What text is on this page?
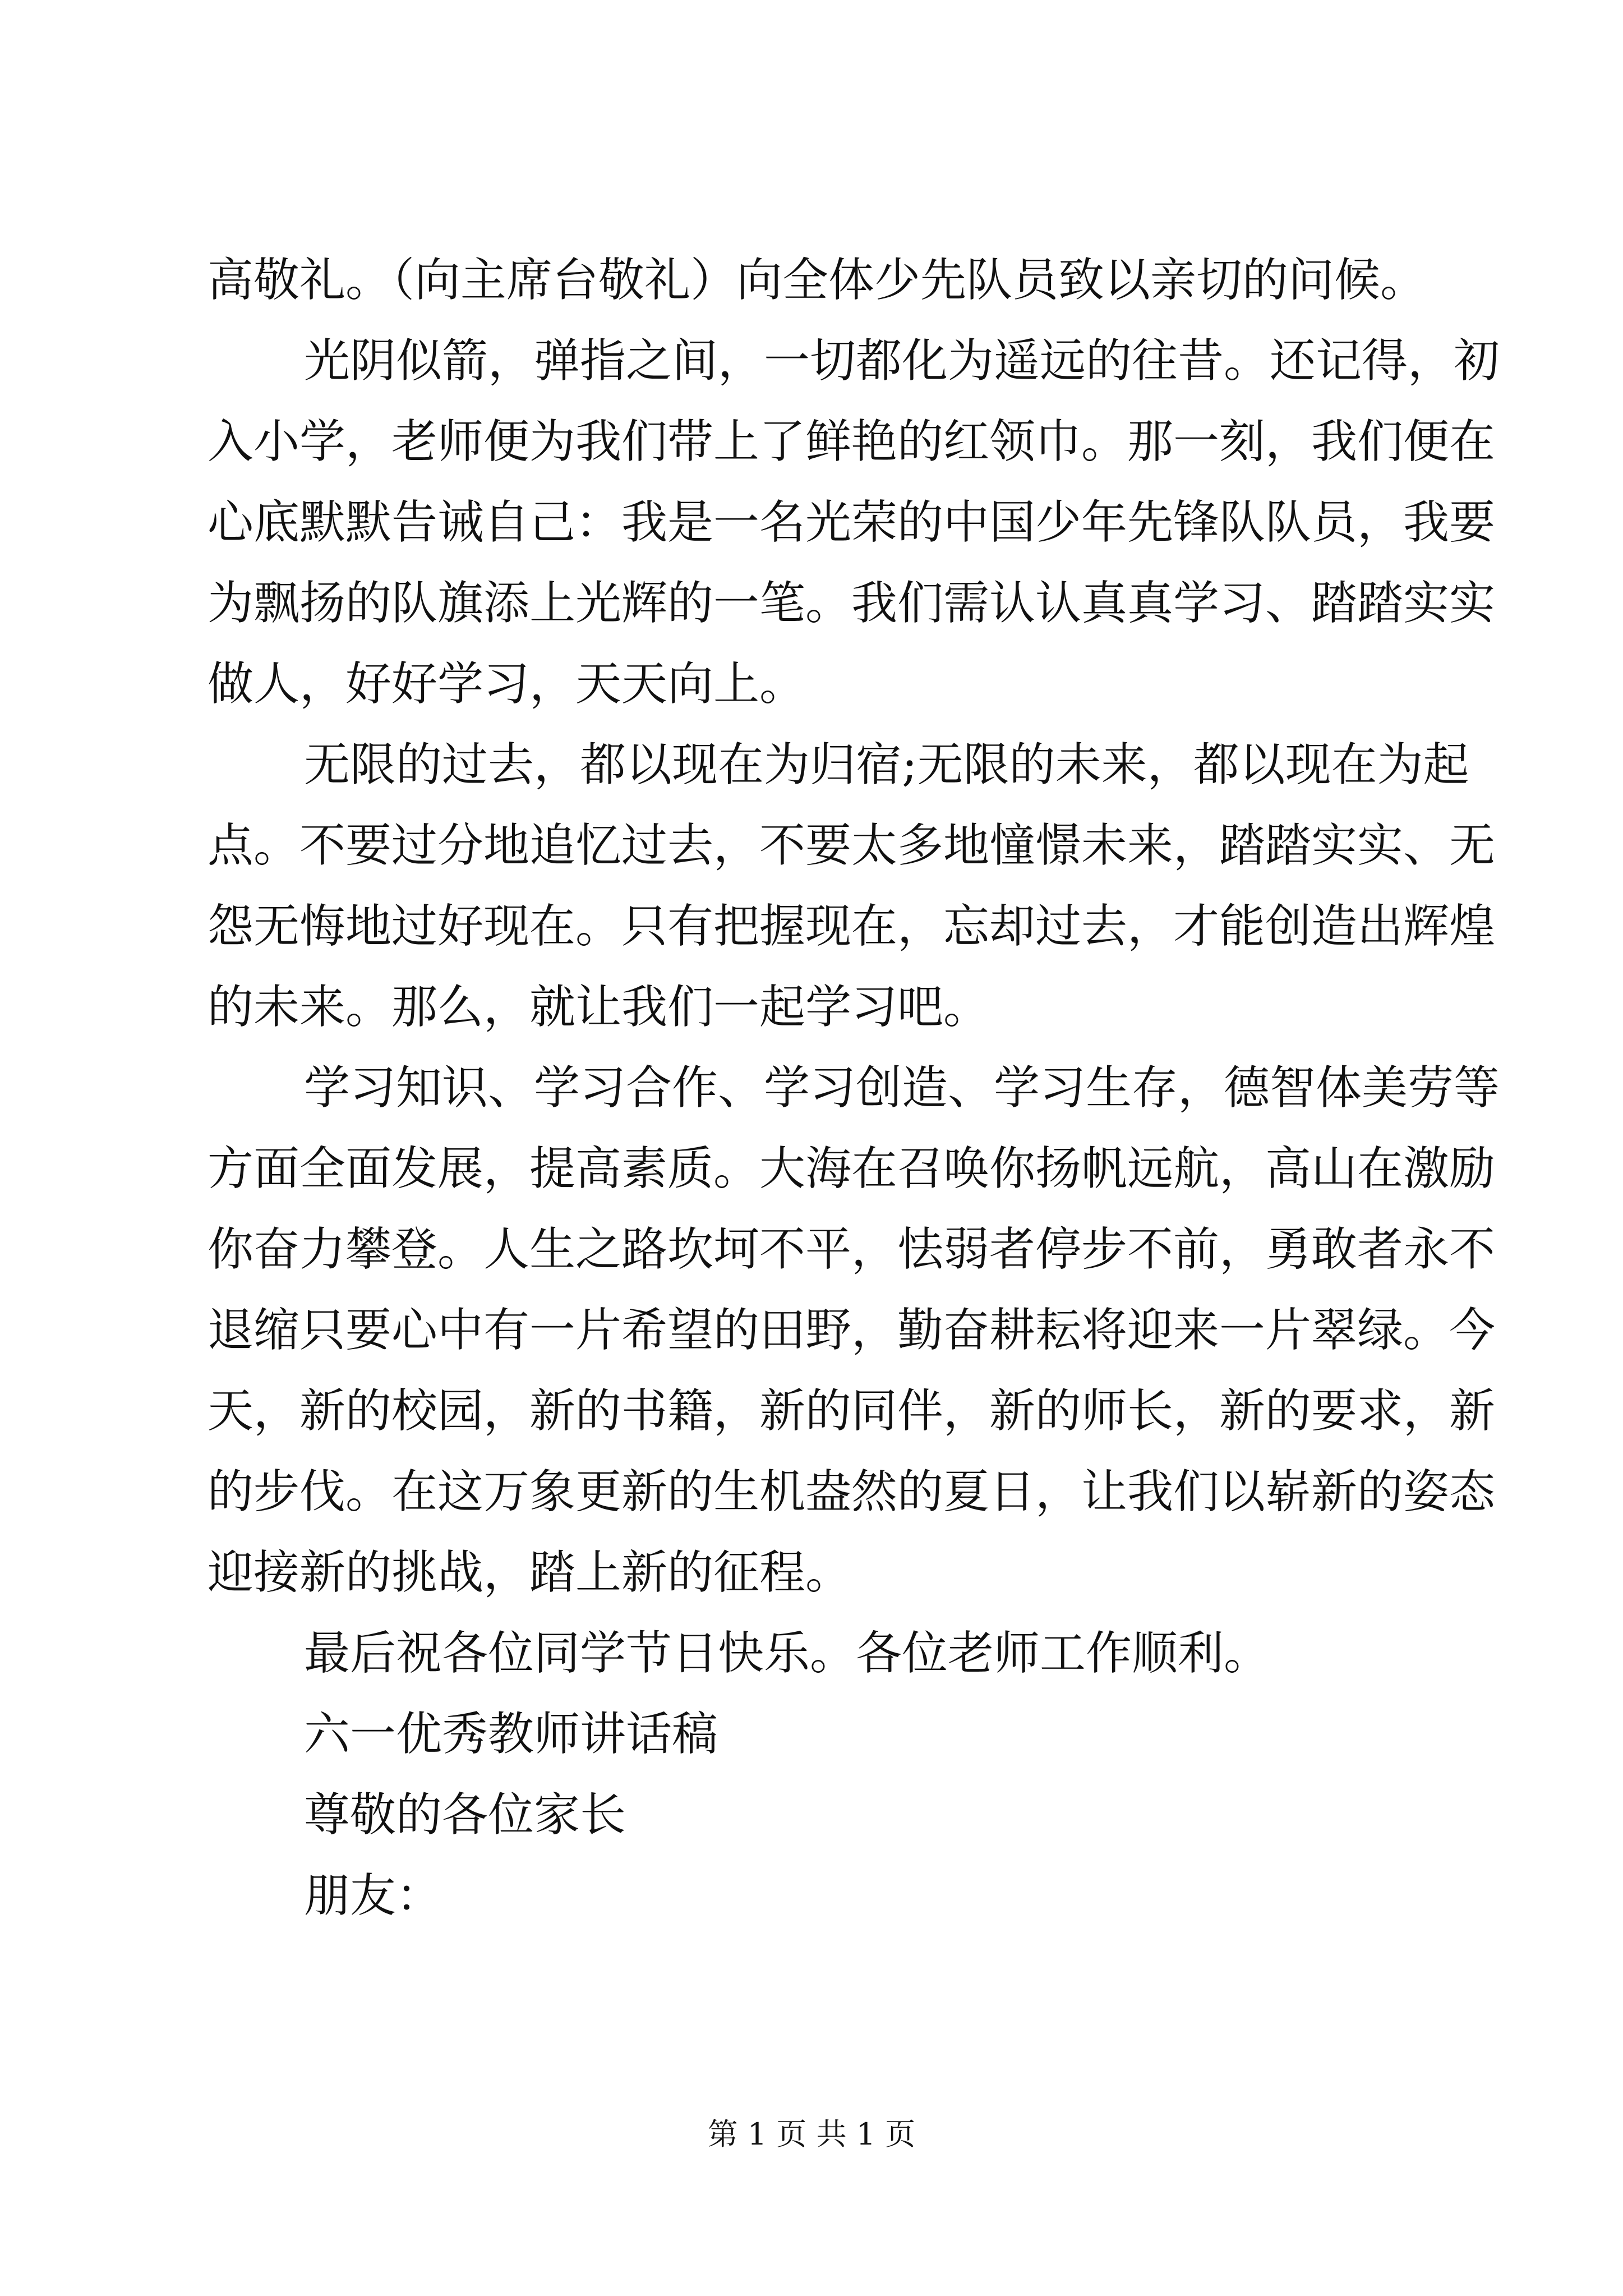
高敬礼。（向主席台敬礼）向全体少先队员致以亲切的问候。
光阴似箭，弹指之间，一切都化为遥远的往昔。还记得，初
入小学，老师便为我们带上了鲜艳的红领巾。那一刻，我们便在
心底默默告诫自己：我是一名光荣的中国少年先锋队队员，我要
为飘扬的队旗添上光辉的一笔。我们需认认真真学习、踏踏实实
做人，好好学习，天天向上。
无限的过去，都以现在为归宿;无限的未来，都以现在为起
点。不要过分地追忆过去，不要太多地憧憬未来，踏踏实实、无
怨无悔地过好现在。只有把握现在，忘却过去，才能创造出辉煌
的未来。那么，就让我们一起学习吧。
学习知识、学习合作、学习创造、学习生存，德智体美劳等
方面全面发展，提高素质。大海在召唤你扬帆远航，高山在激励
你奋力攀登。人生之路坎坷不平，怯弱者停步不前，勇敢者永不
退缩只要心中有一片希望的田野，勤奋耕耘将迎来一片翠绿。今
天，新的校园，新的书籍，新的同伴，新的师长，新的要求，新
的步伐。在这万象更新的生机盎然的夏日，让我们以崭新的姿态
迎接新的挑战，踏上新的征程。
最后祝各位同学节日快乐。各位老师工作顺利。
六一优秀教师讲话稿
尊敬的各位家长
朋友：
第 1 页 共 1 页
